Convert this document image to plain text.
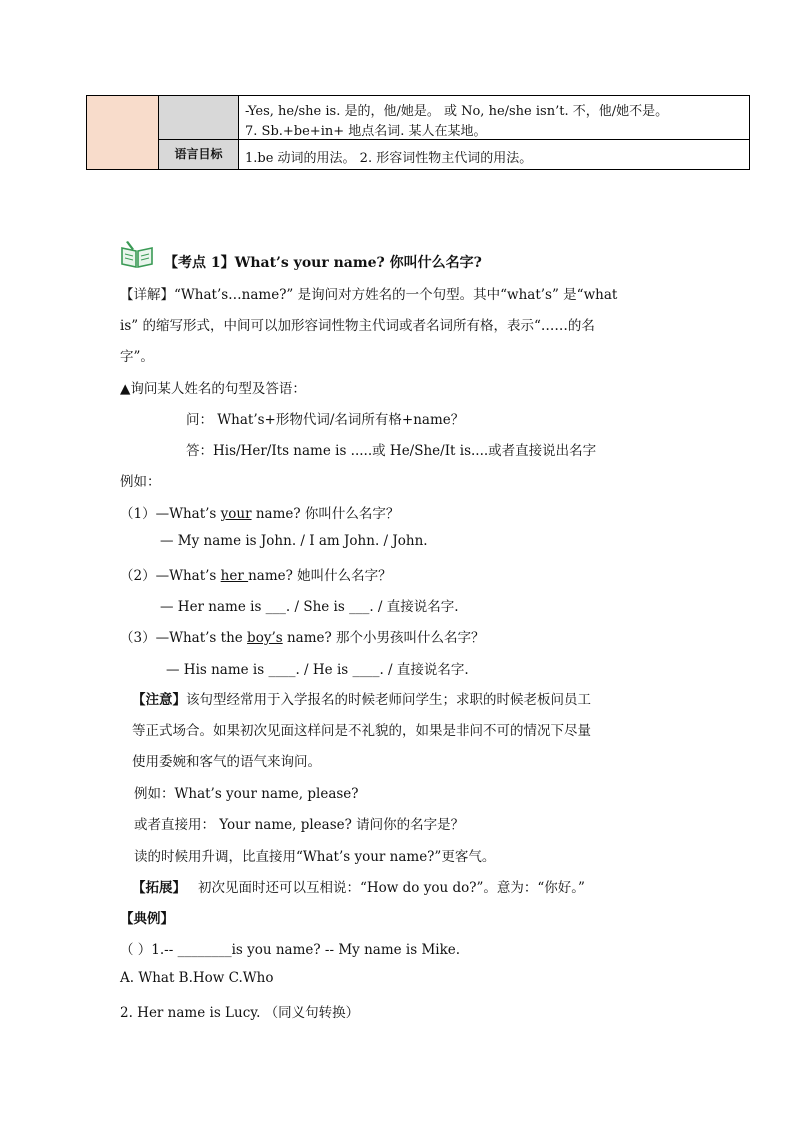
语言目标
-Yes, he/she is. 是的，他/她是。 或 No, he/she isn’t. 不，他/她不是。
7. Sb.+be+in+ 地点名词. 某人在某地。
1.be 动词的用法。 2. 形容词性物主代词的用法。
【考点 1】What’s your name? 你叫什么名字?
【详解】“What’s…name?” 是询问对方姓名的一个句型。其中“what’s” 是“what
is” 的缩写形式，中间可以加形容词性物主代词或者名词所有格，表示“……的名
字”。
▲询问某人姓名的句型及答语：
问： What’s+形物代词/名词所有格+name？
答：His/Her/Its name is .....或 He/She/It is....或者直接说出名字
例如：
（1）—What’s your name? 你叫什么名字？
— My name is John. / I am John. / John.
（2）—What’s her name? 她叫什么名字？
— Her name is ___. / She is ___. / 直接说名字.
（3）—What’s the boy’s name? 那个小男孩叫什么名字？
— His name is ____. / He is ____. / 直接说名字.
【注意】该句型经常用于入学报名的时候老师问学生；求职的时候老板问员工
等正式场合。如果初次见面这样问是不礼貌的，如果是非问不可的情况下尽量
使用委婉和客气的语气来询问。
例如：What’s your name, please?
或者直接用： Your name, please? 请问你的名字是？
读的时候用升调，比直接用“What’s your name?”更客气。
【拓展】 初次见面时还可以互相说：“How do you do?”。意为：“你好。”
【典例】
（ ）1.-- ________is you name? -- My name is Mike.
A. What B.How C.Who
2. Her name is Lucy. （同义句转换）
